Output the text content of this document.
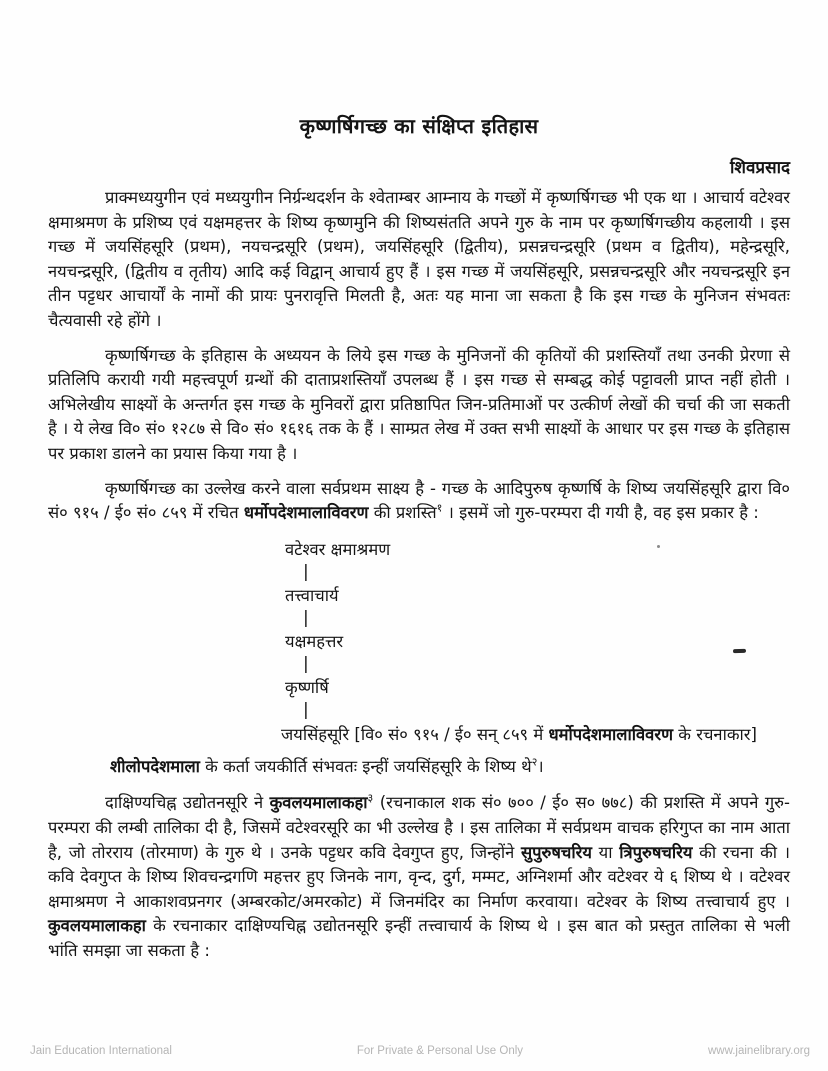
कृष्णर्षिगच्छ का संक्षिप्त इतिहास
शिवप्रसाद

प्राक्मध्ययुगीन एवं मध्ययुगीन निर्ग्रन्थदर्शन के श्वेताम्बर आम्नाय के गच्छों में कृष्णर्षिगच्छ भी एक था । आचार्य वटेश्वर क्षमाश्रमण के प्रशिष्य एवं यक्षमहत्तर के शिष्य कृष्णमुनि की शिष्यसंतति अपने गुरु के नाम पर कृष्णर्षिगच्छीय कहलायी । इस गच्छ में जयसिंहसूरि (प्रथम), नयचन्द्रसूरि (प्रथम), जयसिंहसूरि (द्वितीय), प्रसन्नचन्द्रसूरि (प्रथम व द्वितीय), महेन्द्रसूरि, नयचन्द्रसूरि, (द्वितीय व तृतीय) आदि कई विद्वान् आचार्य हुए हैं । इस गच्छ में जयसिंहसूरि, प्रसन्नचन्द्रसूरि और नयचन्द्रसूरि इन तीन पट्टधर आचार्यों के नामों की प्रायः पुनरावृत्ति मिलती है, अतः यह माना जा सकता है कि इस गच्छ के मुनिजन संभवतः चैत्यवासी रहे होंगे ।

कृष्णर्षिगच्छ के इतिहास के अध्ययन के लिये इस गच्छ के मुनिजनों की कृतियों की प्रशस्तियाँ तथा उनकी प्रेरणा से प्रतिलिपि करायी गयी महत्त्वपूर्ण ग्रन्थों की दाताप्रशस्तियाँ उपलब्ध हैं । इस गच्छ से सम्बद्ध कोई पट्टावली प्राप्त नहीं होती । अभिलेखीय साक्ष्यों के अन्तर्गत इस गच्छ के मुनिवरों द्वारा प्रतिष्ठापित जिन-प्रतिमाओं पर उत्कीर्ण लेखों की चर्चा की जा सकती है । ये लेख वि० सं० १२८७ से वि० सं० १६१६ तक के हैं । साम्प्रत लेख में उक्त सभी साक्ष्यों के आधार पर इस गच्छ के इतिहास पर प्रकाश डालने का प्रयास किया गया है ।

कृष्णर्षिगच्छ का उल्लेख करने वाला सर्वप्रथम साक्ष्य है - गच्छ के आदिपुरुष कृष्णर्षि के शिष्य जयसिंहसूरि द्वारा वि० सं० ९१५ / ई० सं० ८५९ में रचित धर्मोपदेशमालाविवरण की प्रशस्ति$^१$ । इसमें जो गुरु-परम्परा दी गयी है, वह इस प्रकार है :

वटेश्वर क्षमाश्रमण
|
तत्त्वाचार्य
|
यक्षमहत्तर
|
कृष्णर्षि
|
जयसिंहसूरि [वि० सं० ९१५ / ई० सन् ८५९ में धर्मोपदेशमालाविवरण के रचनाकार]

शीलोपदेशमाला के कर्ता जयकीर्ति संभवतः इन्हीं जयसिंहसूरि के शिष्य थे$^२$।

दाक्षिण्यचिह्न उद्योतनसूरि ने कुवलयमालाकहा$^३$ (रचनाकाल शक सं० ७०० / ई० स० ७७८) की प्रशस्ति में अपने गुरु-परम्परा की लम्बी तालिका दी है, जिसमें वटेश्वरसूरि का भी उल्लेख है । इस तालिका में सर्वप्रथम वाचक हरिगुप्त का नाम आता है, जो तोरराय (तोरमाण) के गुरु थे । उनके पट्टधर कवि देवगुप्त हुए, जिन्होंने सुपुरुषचरिय या त्रिपुरुषचरिय की रचना की । कवि देवगुप्त के शिष्य शिवचन्द्रगणि महत्तर हुए जिनके नाग, वृन्द, दुर्ग, मम्मट, अग्निशर्मा और वटेश्वर ये ६ शिष्य थे । वटेश्वर क्षमाश्रमण ने आकाशवप्रनगर (अम्बरकोट/अमरकोट) में जिनमंदिर का निर्माण करवाया। वटेश्वर के शिष्य तत्त्वाचार्य हुए । कुवलयमालाकहा के रचनाकार दाक्षिण्यचिह्न उद्योतनसूरि इन्हीं तत्त्वाचार्य के शिष्य थे । इस बात को प्रस्तुत तालिका से भली भांति समझा जा सकता है :

Jain Education International	For Private & Personal Use Only	www.jainelibrary.org
